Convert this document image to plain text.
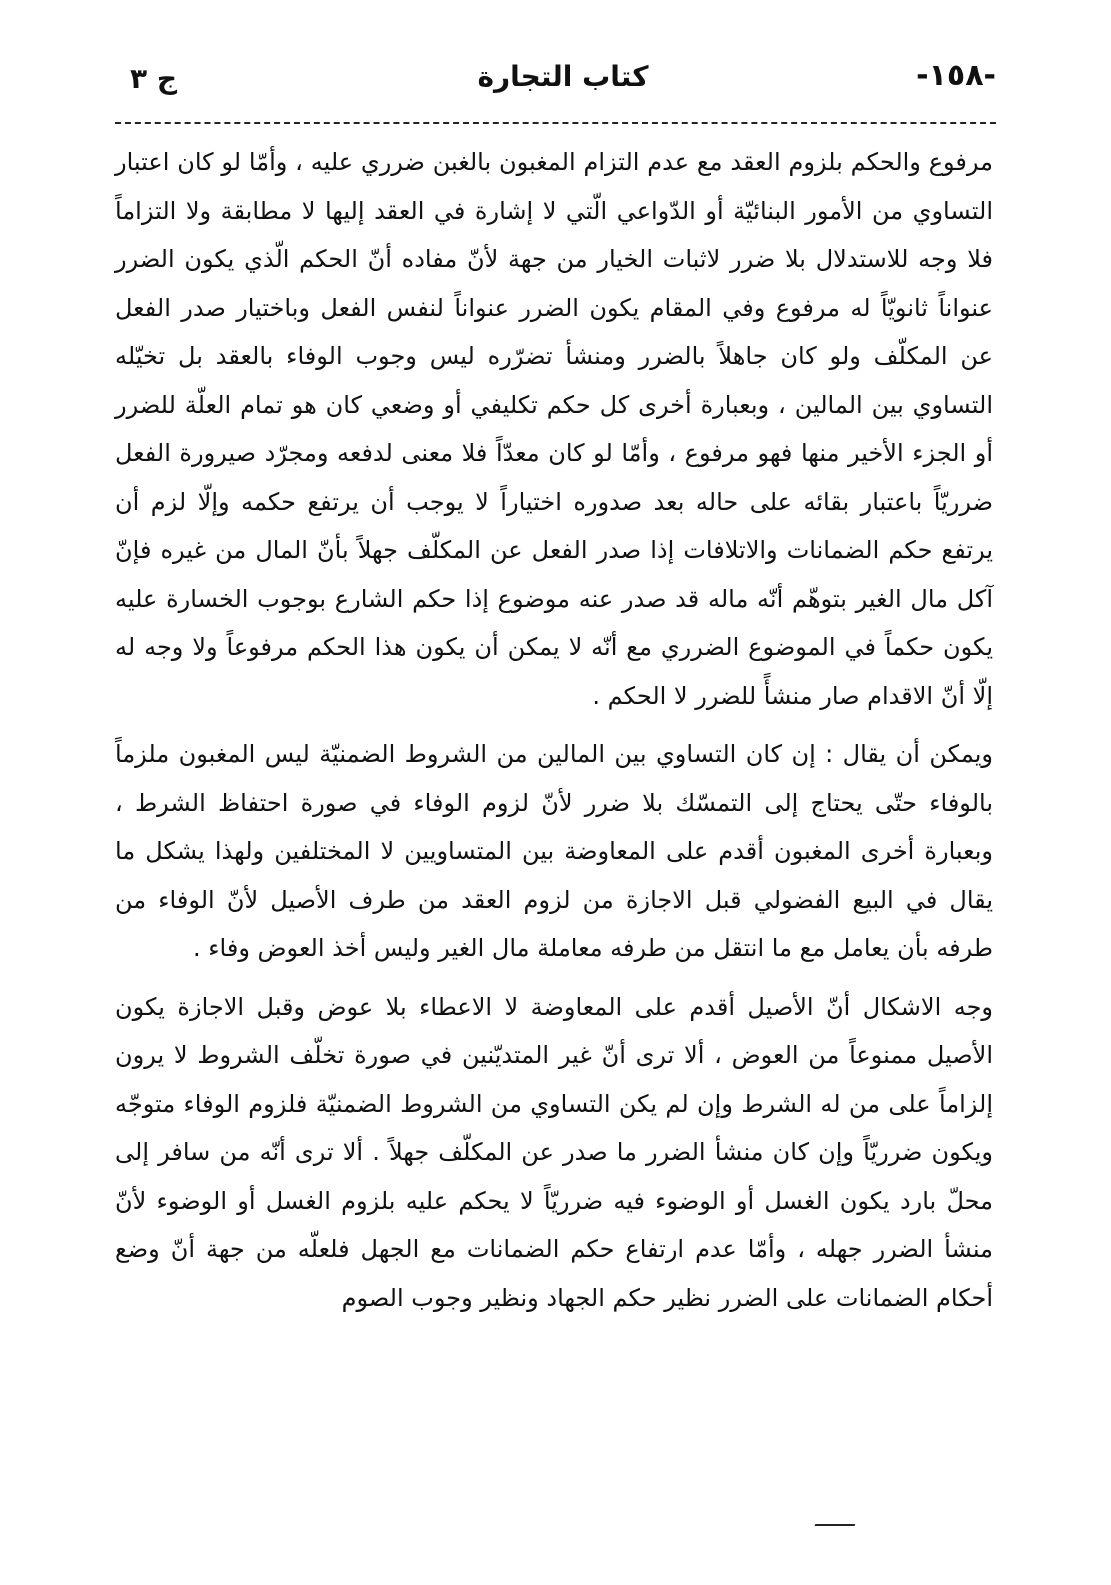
-١٥٨-
كتاب التجارة
ج ٣

مرفوع والحكم بلزوم العقد مع عدم التزام المغبون بالغبن ضرري عليه ، وأمّا لو كان اعتبار التساوي من الأمور البنائيّة أو الدّواعي الّتي لا إشارة في العقد إليها لا مطابقة ولا التزاماً فلا وجه للاستدلال بلا ضرر لاثبات الخيار من جهة لأنّ مفاده أنّ الحكم الّذي يكون الضرر عنواناً ثانويّاً له مرفوع وفي المقام يكون الضرر عنواناً لنفس الفعل وباختيار صدر الفعل عن المكلّف ولو كان جاهلاً بالضرر ومنشأ تضرّره ليس وجوب الوفاء بالعقد بل تخيّله التساوي بين المالين ، وبعبارة أخرى كل حكم تكليفي أو وضعي كان هو تمام العلّة للضرر أو الجزء الأخير منها فهو مرفوع ، وأمّا لو كان معدّاً فلا معنى لدفعه ومجرّد صيرورة الفعل ضرريّاً باعتبار بقائه على حاله بعد صدوره اختياراً لا يوجب أن يرتفع حكمه وإلّا لزم أن يرتفع حكم الضمانات والاتلافات إذا صدر الفعل عن المكلّف جهلاً بأنّ المال من غيره فإنّ آكل مال الغير بتوهّم أنّه ماله قد صدر عنه موضوع إذا حكم الشارع بوجوب الخسارة عليه يكون حكماً في الموضوع الضرري مع أنّه لا يمكن أن يكون هذا الحكم مرفوعاً ولا وجه له إلّا أنّ الاقدام صار منشأً للضرر لا الحكم .

ويمكن أن يقال : إن كان التساوي بين المالين من الشروط الضمنيّة ليس المغبون ملزماً بالوفاء حتّى يحتاج إلى التمسّك بلا ضرر لأنّ لزوم الوفاء في صورة احتفاظ الشرط ، وبعبارة أخرى المغبون أقدم على المعاوضة بين المتساويين لا المختلفين ولهذا يشكل ما يقال في البيع الفضولي قبل الاجازة من لزوم العقد من طرف الأصيل لأنّ الوفاء من طرفه بأن يعامل مع ما انتقل من طرفه معاملة مال الغير وليس أخذ العوض وفاء .

وجه الاشكال أنّ الأصيل أقدم على المعاوضة لا الاعطاء بلا عوض وقبل الاجازة يكون الأصيل ممنوعاً من العوض ، ألا ترى أنّ غير المتديّنين في صورة تخلّف الشروط لا يرون إلزاماً على من له الشرط وإن لم يكن التساوي من الشروط الضمنيّة فلزوم الوفاء متوجّه ويكون ضرريّاً وإن كان منشأ الضرر ما صدر عن المكلّف جهلاً . ألا ترى أنّه من سافر إلى محلّ بارد يكون الغسل أو الوضوء فيه ضرريّاً لا يحكم عليه بلزوم الغسل أو الوضوء لأنّ منشأ الضرر جهله ، وأمّا عدم ارتفاع حكم الضمانات مع الجهل فلعلّه من جهة أنّ وضع أحكام الضمانات على الضرر نظير حكم الجهاد ونظير وجوب الصوم
